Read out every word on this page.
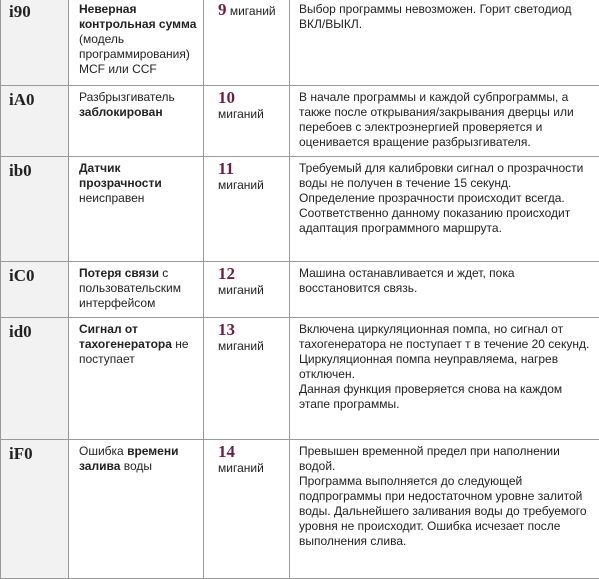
i90	Неверная контрольная сумма (модель программирования) MCF или CCF	9 миганий	Выбор программы невозможен. Горит светодиод ВКЛ/ВЫКЛ.

iA0	Разбрызгиватель заблокирован	10 миганий	В начале программы и каждой субпрограммы, а также после открывания/закрывания дверцы или перебоев с электроэнергией проверяется и оценивается вращение разбрызгивателя.

ib0	Датчик прозрачности неисправен	11 миганий	Требуемый для калибровки сигнал о прозрачности воды не получен в течение 15 секунд.
Определение прозрачности происходит всегда. Соответственно данному показанию происходит адаптация программного маршрута.

iC0	Потеря связи с пользовательским интерфейсом	12 миганий	Машина останавливается и ждет, пока восстановится связь.

id0	Сигнал от тахогенератора не поступает	13 миганий	Включена циркуляционная помпа, но сигнал от тахогенератора не поступает т в течение 20 секунд.
Циркуляционная помпа неуправляема, нагрев отключен.
Данная функция проверяется снова на каждом этапе программы.

iF0	Ошибка времени залива воды	14 миганий	Превышен временной предел при наполнении водой.
Программа выполняется до следующей подпрограммы при недостаточном уровне залитой воды. Дальнейшего заливания воды до требуемого уровня не происходит. Ошибка исчезает после выполнения слива.
